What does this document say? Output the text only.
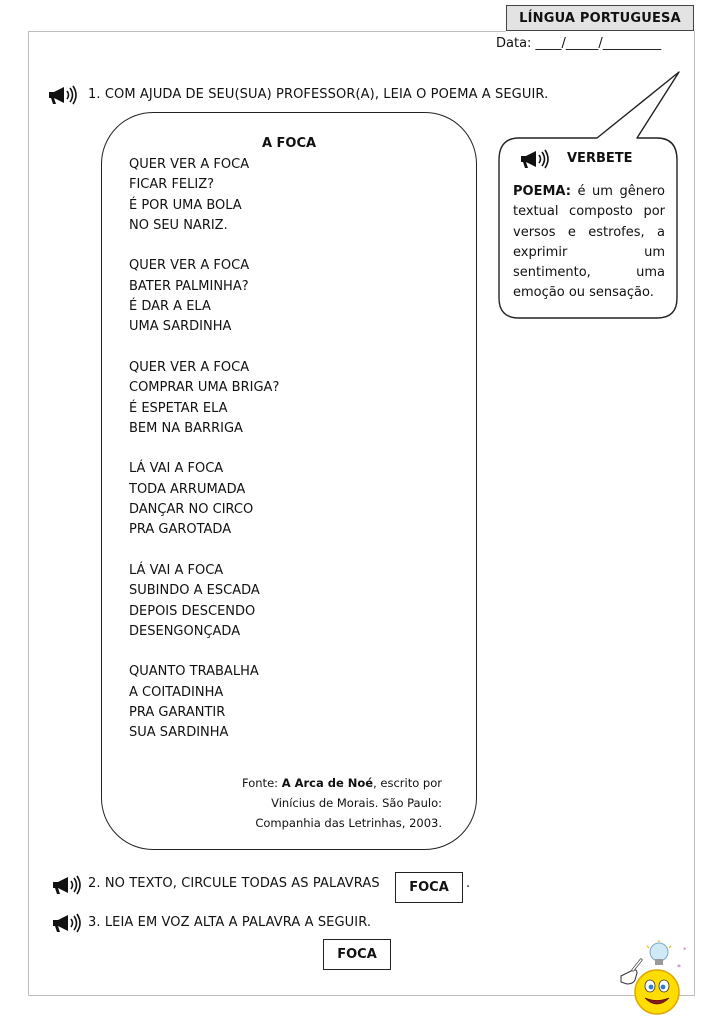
LÍNGUA PORTUGUESA
Data: ____/_____/_________
1. COM AJUDA DE SEU(SUA) PROFESSOR(A), LEIA O POEMA A SEGUIR.
A FOCA
QUER VER A FOCA
FICAR FELIZ?
É POR UMA BOLA
NO SEU NARIZ.
QUER VER A FOCA
BATER PALMINHA?
É DAR A ELA
UMA SARDINHA
QUER VER A FOCA
COMPRAR UMA BRIGA?
É ESPETAR ELA
BEM NA BARRIGA
LÁ VAI A FOCA
TODA ARRUMADA
DANÇAR NO CIRCO
PRA GAROTADA
LÁ VAI A FOCA
SUBINDO A ESCADA
DEPOIS DESCENDO
DESENGONÇADA
QUANTO TRABALHA
A COITADINHA
PRA GARANTIR
SUA SARDINHA
Fonte: A Arca de Noé, escrito por
Vinícius de Morais. São Paulo:
Companhia das Letrinhas, 2003.
VERBETE
POEMA: é um gênero textual composto por versos e estrofes, a exprimir um sentimento, uma emoção ou sensação.
2. NO TEXTO, CIRCULE TODAS AS PALAVRAS	FOCA	.
3. LEIA EM VOZ ALTA A PALAVRA A SEGUIR.
FOCA
*
*
